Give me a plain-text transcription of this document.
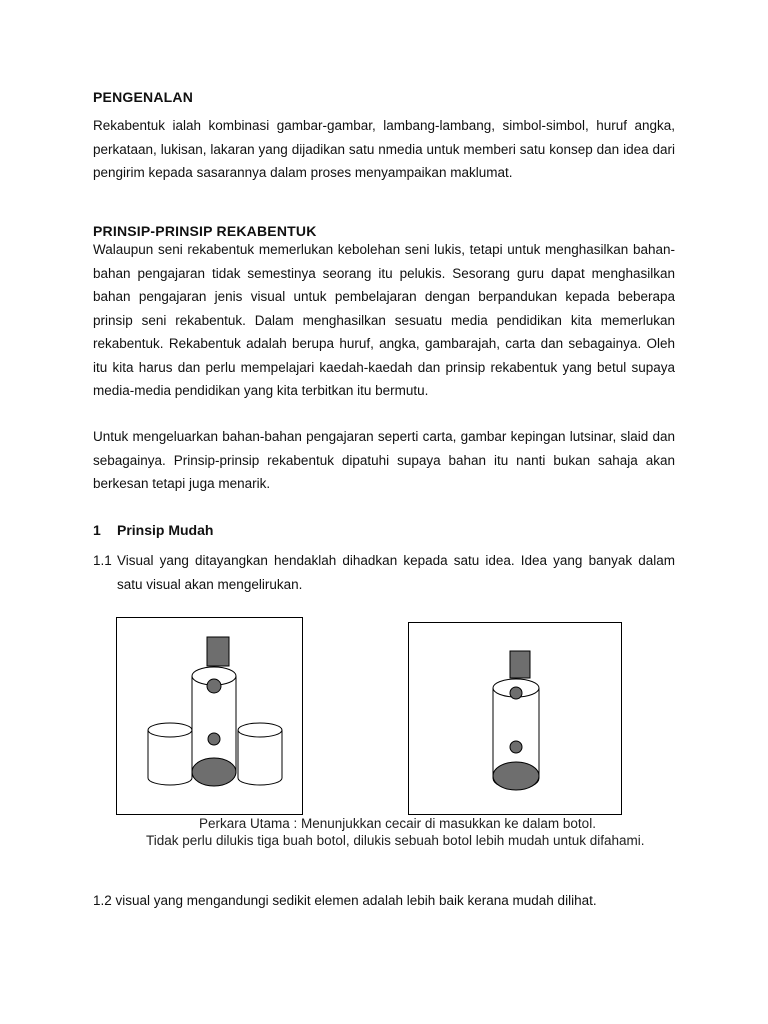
PENGENALAN
Rekabentuk ialah kombinasi gambar-gambar, lambang-lambang, simbol-simbol, huruf angka, perkataan, lukisan, lakaran yang dijadikan satu nmedia untuk memberi satu konsep dan idea dari pengirim kepada sasarannya dalam proses menyampaikan maklumat.
PRINSIP-PRINSIP REKABENTUK
Walaupun seni rekabentuk memerlukan kebolehan seni lukis, tetapi untuk menghasilkan bahan-bahan pengajaran tidak semestinya seorang itu pelukis. Sesorang guru dapat menghasilkan bahan pengajaran jenis visual untuk pembelajaran dengan berpandukan kepada beberapa prinsip seni rekabentuk. Dalam menghasilkan sesuatu media pendidikan kita memerlukan rekabentuk. Rekabentuk adalah berupa huruf, angka, gambarajah, carta dan sebagainya. Oleh itu kita harus dan perlu mempelajari kaedah-kaedah dan prinsip rekabentuk yang betul supaya media-media pendidikan yang kita terbitkan itu bermutu.
Untuk mengeluarkan bahan-bahan pengajaran seperti carta, gambar kepingan lutsinar, slaid dan sebagainya. Prinsip-prinsip rekabentuk dipatuhi supaya bahan itu nanti bukan sahaja akan berkesan tetapi juga menarik.
1 Prinsip Mudah
1.1 Visual yang ditayangkan hendaklah dihadkan kepada satu idea. Idea yang banyak dalam satu visual akan mengelirukan.
Perkara Utama : Menunjukkan cecair di masukkan ke dalam botol.
Tidak perlu dilukis tiga buah botol, dilukis sebuah botol lebih mudah untuk difahami.
1.2 visual yang mengandungi sedikit elemen adalah lebih baik kerana mudah dilihat.
